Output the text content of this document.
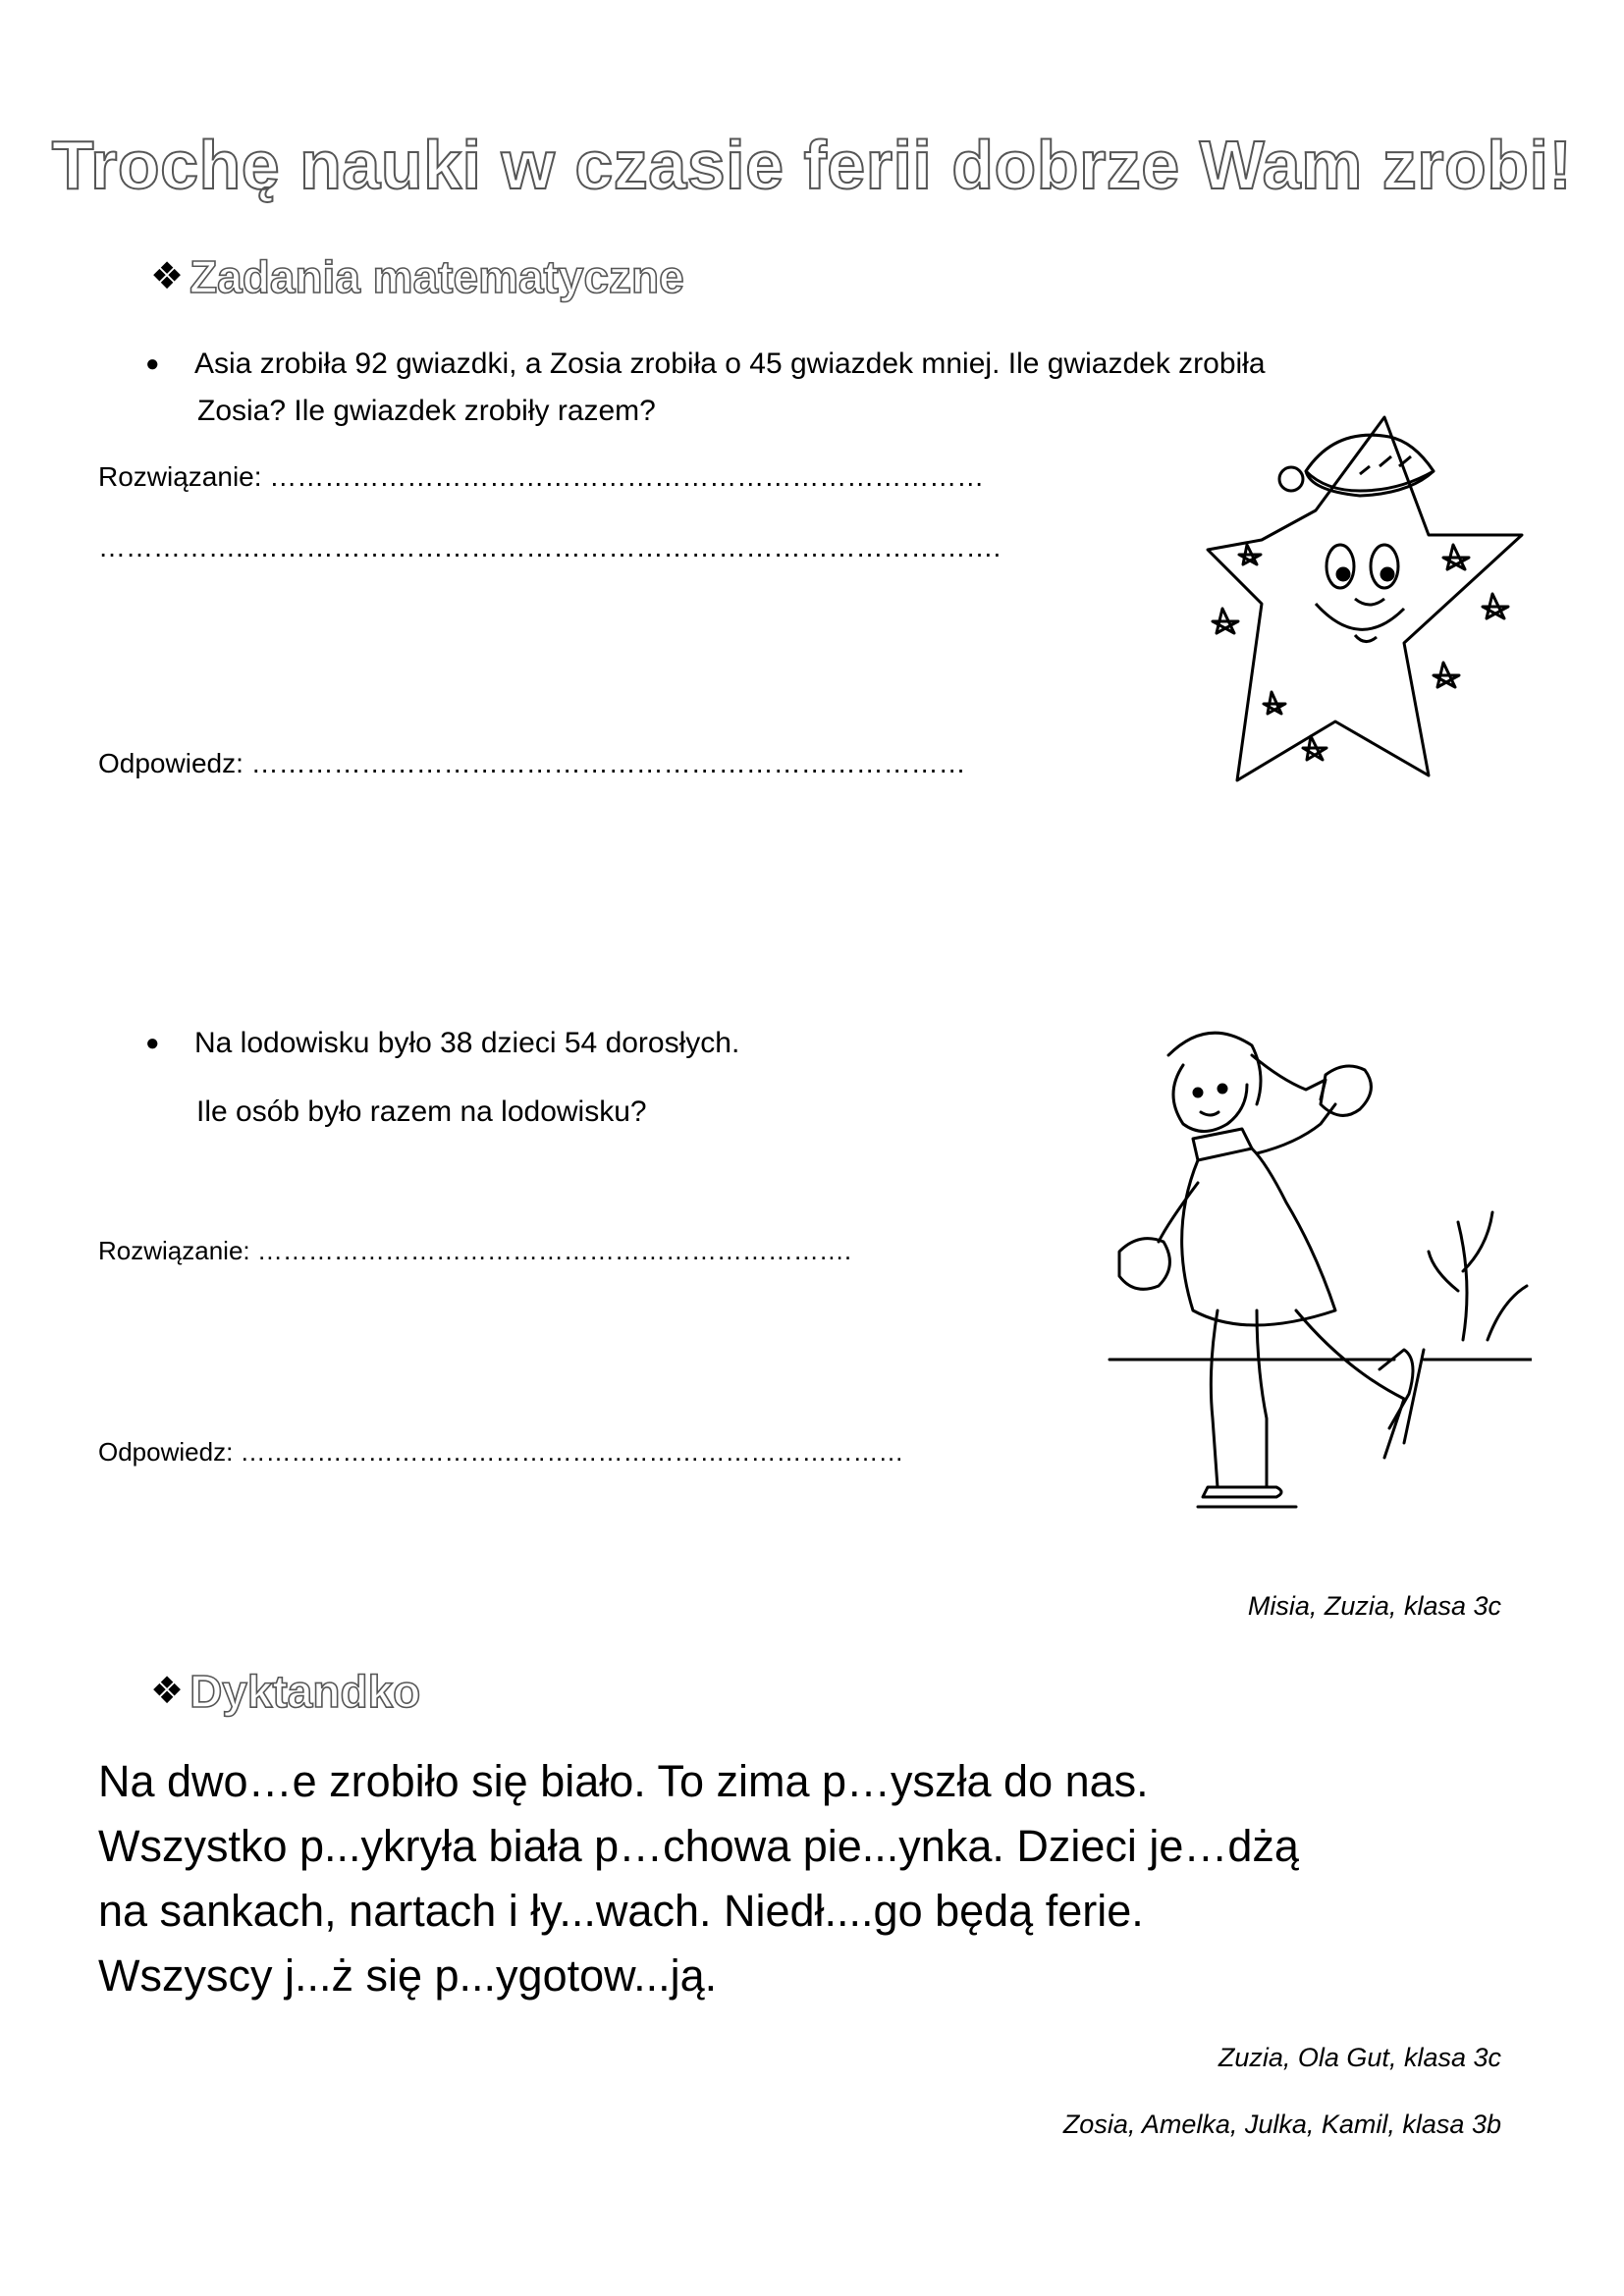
Trochę nauki w czasie ferii dobrze Wam zrobi!
❖ Zadania matematyczne
● Asia zrobiła 92 gwiazdki, a Zosia zrobiła o 45 gwiazdek mniej. Ile gwiazdek zrobiła
Zosia? Ile gwiazdek zrobiły razem?
Rozwiązanie: ……………………………………………………………………
……………..……………………………………………………………………….
Odpowiedz: ……………………………………………………………………
● Na lodowisku było 38 dzieci 54 dorosłych.
Ile osób było razem na lodowisku?
Rozwiązanie: …………………………………………………………….
Odpowiedz: ……………………………………………………………………
Misia, Zuzia, klasa 3c
❖ Dyktandko
Na dwo…e zrobiło się biało. To zima p…yszła do nas.
Wszystko p...ykryła biała p…chowa pie...ynka. Dzieci je…dżą
na sankach, nartach i ły...wach. Niedł....go będą ferie.
Wszyscy j...ż się p...ygotow...ją.
Zuzia, Ola Gut, klasa 3c
Zosia, Amelka, Julka, Kamil, klasa 3b
